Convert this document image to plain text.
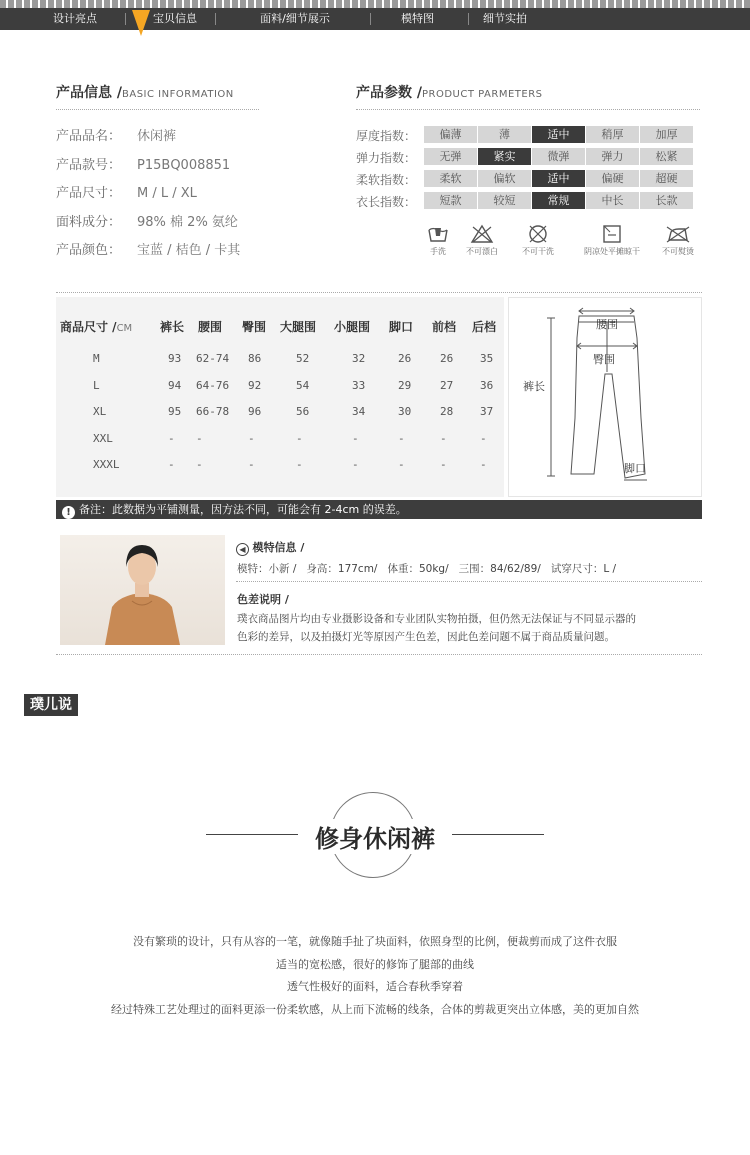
设计亮点	宝贝信息	面料/细节展示	模特图	细节实拍
产品信息 /BASIC INFORMATION
产品品名： 休闲裤
产品款号： P15BQ008851
产品尺寸： M / L / XL
面料成分： 98% 棉 2% 氨纶
产品颜色： 宝蓝 / 桔色 / 卡其
产品参数 /PRODUCT PARMETERS
商品尺寸 /CM 裤长 腰围 臀围 大腿围 小腿围 脚口 前档 后档
M	93 62-74 86	52	32	26	26 35
L	94 64-76 92	54	33	29	27 36
XL	95 66-78 96	56	34	30	28 37
XXL	- -	-	-	-	-	-	-
XXXL	- -	-	-	-	-	-	-
腰围
臀围
裤长
脚口
! 备注：此数据为平铺测量，因方法不同，可能会有 2-4cm 的误差。
◀ 模特信息 /
模特：小新 /   身高：177cm/   体重：50kg/   三围：84/62/89/   试穿尺寸：L /
色差说明 /
璞衣商品图片均由专业摄影设备和专业团队实物拍摄，但仍然无法保证与不同显示器的
色彩的差异，以及拍摄灯光等原因产生色差，因此色差问题不属于商品质量问题。
璞儿说
修身休闲裤
没有繁琐的设计，只有从容的一笔，就像随手扯了块面料，依照身型的比例，便裁剪而成了这件衣服
适当的宽松感，很好的修饰了腿部的曲线
透气性极好的面料，适合春秋季穿着
经过特殊工艺处理过的面料更添一份柔软感，从上而下流畅的线条，合体的剪裁更突出立体感，美的更加自然
厚度指数：	偏薄	薄	适中	稍厚	加厚
弹力指数：	无弹	紧实	微弹	弹力	松紧
柔软指数：	柔软	偏软	适中	偏硬	超硬
衣长指数：	短款	较短	常规	中长	长款
手洗	不可漂白	不可干洗	阴凉处平摊晾干	不可熨烫
